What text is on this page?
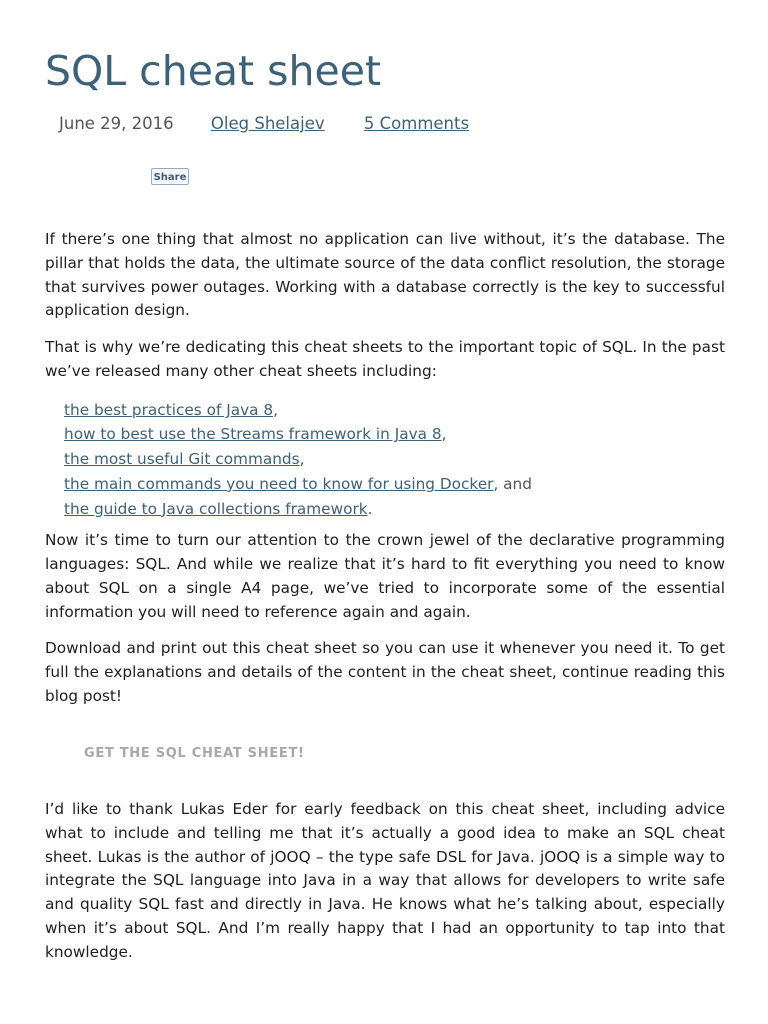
SQL cheat sheet
June 29, 2016 Oleg Shelajev 5 Comments
Share

If there’s one thing that almost no application can live without, it’s the database. The pillar that holds the data, the ultimate source of the data conflict resolution, the storage that survives power outages. Working with a database correctly is the key to successful application design.

That is why we’re dedicating this cheat sheets to the important topic of SQL. In the past we’ve released many other cheat sheets including:

the best practices of Java 8,
how to best use the Streams framework in Java 8,
the most useful Git commands,
the main commands you need to know for using Docker, and
the guide to Java collections framework.

Now it’s time to turn our attention to the crown jewel of the declarative programming languages: SQL. And while we realize that it’s hard to fit everything you need to know about SQL on a single A4 page, we’ve tried to incorporate some of the essential information you will need to reference again and again.

Download and print out this cheat sheet so you can use it whenever you need it. To get full the explanations and details of the content in the cheat sheet, continue reading this blog post!

GET THE SQL CHEAT SHEET!

I’d like to thank Lukas Eder for early feedback on this cheat sheet, including advice what to include and telling me that it’s actually a good idea to make an SQL cheat sheet. Lukas is the author of jOOQ – the type safe DSL for Java. jOOQ is a simple way to integrate the SQL language into Java in a way that allows for developers to write safe and quality SQL fast and directly in Java. He knows what he’s talking about, especially when it’s about SQL. And I’m really happy that I had an opportunity to tap into that knowledge.
